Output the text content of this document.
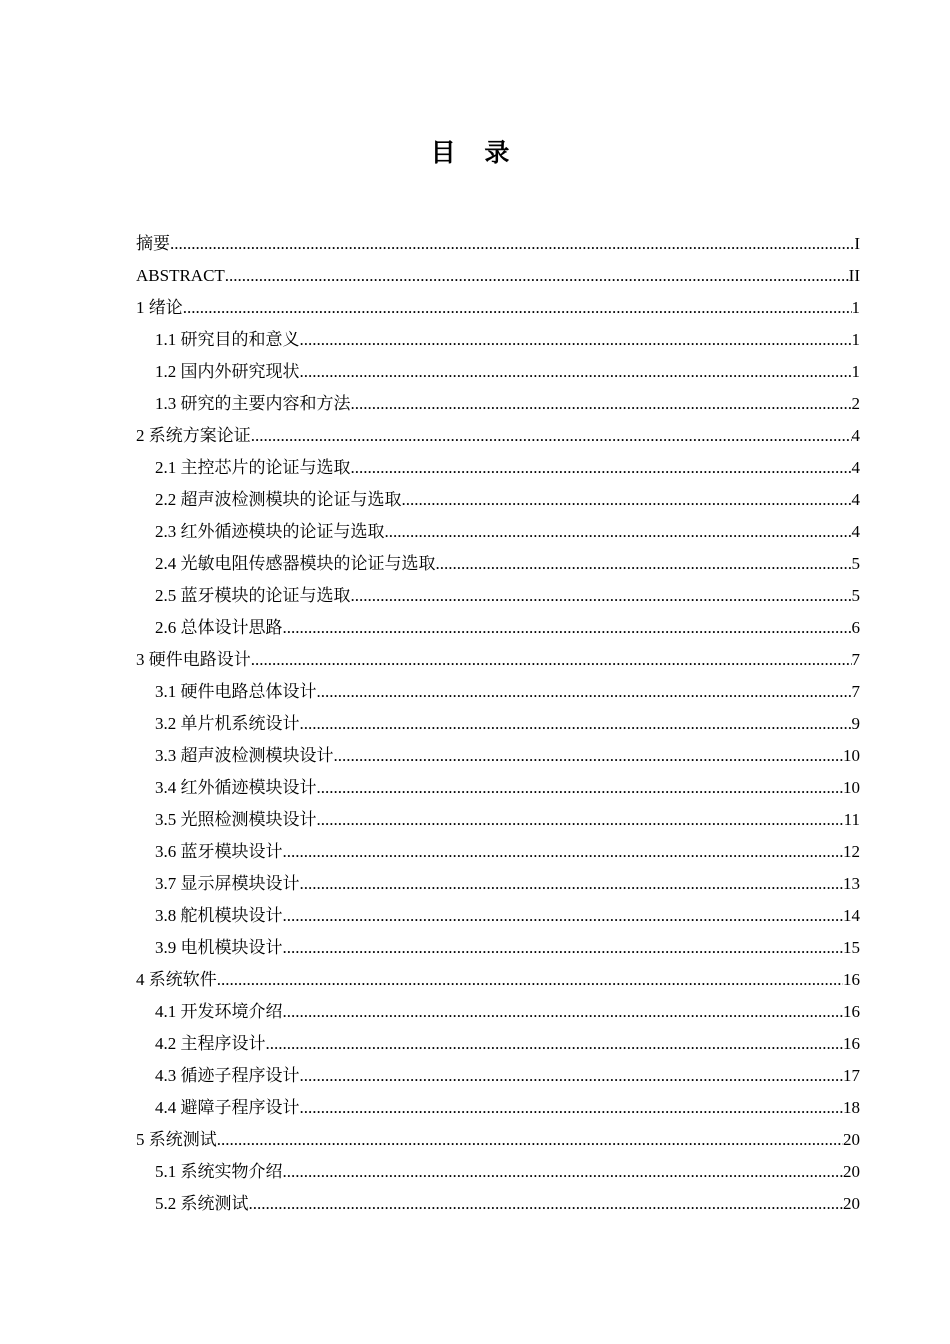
目 录
摘要 .....	I
ABSTRACT .....	II
1 绪论 .....	1
1.1 研究目的和意义 .....	1
1.2 国内外研究现状 .....	1
1.3 研究的主要内容和方法 .....	2
2 系统方案论证 .....	4
2.1 主控芯片的论证与选取 .....	4
2.2 超声波检测模块的论证与选取 .....	4
2.3 红外循迹模块的论证与选取 .....	4
2.4 光敏电阻传感器模块的论证与选取 .....	5
2.5 蓝牙模块的论证与选取 .....	5
2.6 总体设计思路 .....	6
3 硬件电路设计 .....	7
3.1 硬件电路总体设计 .....	7
3.2 单片机系统设计 .....	9
3.3 超声波检测模块设计 .....	10
3.4 红外循迹模块设计 .....	10
3.5 光照检测模块设计 .....	11
3.6 蓝牙模块设计 .....	12
3.7 显示屏模块设计 .....	13
3.8 舵机模块设计 .....	14
3.9 电机模块设计 .....	15
4 系统软件 .....	16
4.1 开发环境介绍 .....	16
4.2 主程序设计 .....	16
4.3 循迹子程序设计 .....	17
4.4 避障子程序设计 .....	18
5 系统测试 .....	20
5.1 系统实物介绍 .....	20
5.2 系统测试 .....	20
